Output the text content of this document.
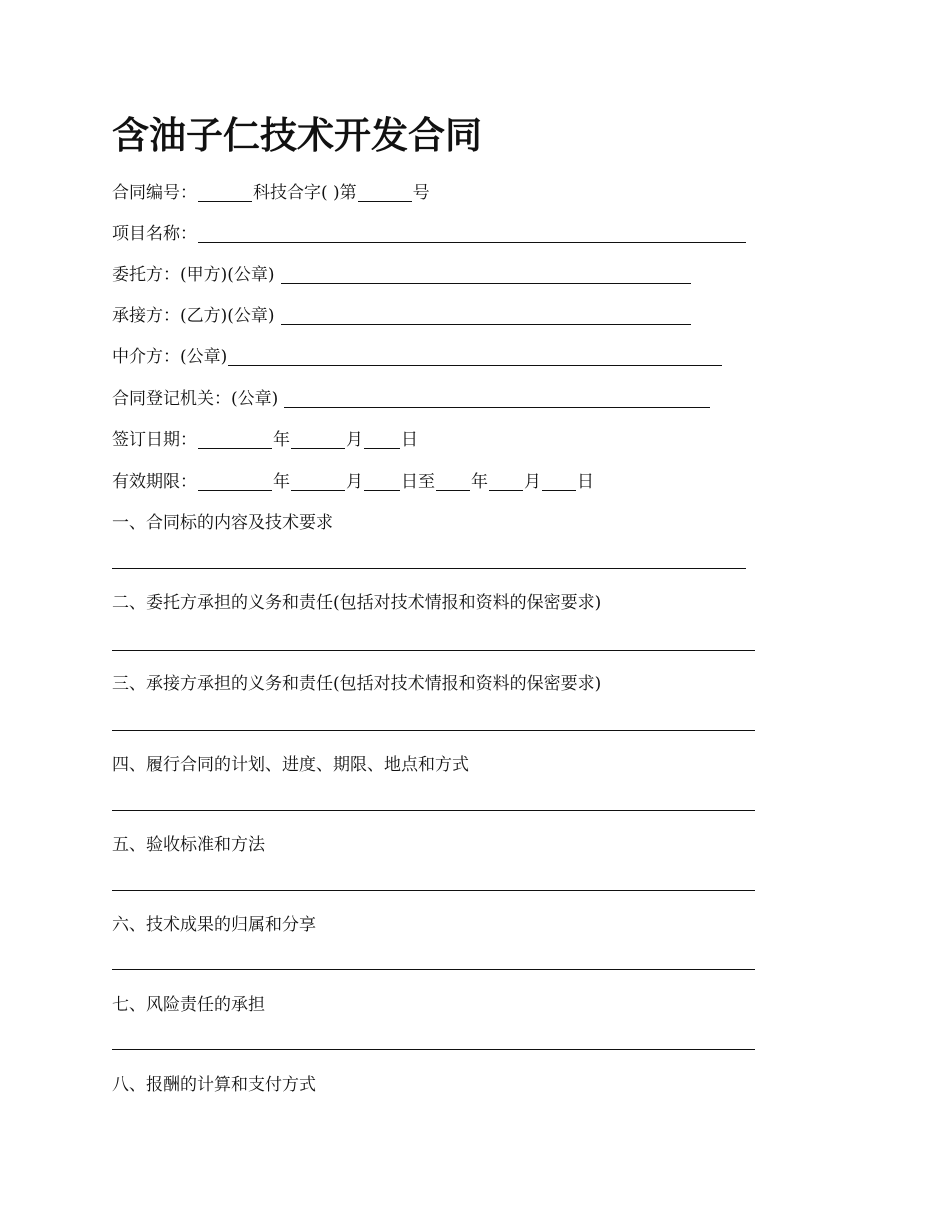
含油子仁技术开发合同
合同编号：	科技合字( )第	号
项目名称：
委托方：(甲方)(公章)
承接方：(乙方)(公章)
中介方：(公章)
合同登记机关：(公章)
签订日期：	年	月 日
有效期限：	年	月 日 至 年 月 日
一、合同标的内容及技术要求
二、委托方承担的义务和责任(包括对技术情报和资料的保密要求)
三、承接方承担的义务和责任(包括对技术情报和资料的保密要求)
四、履行合同的计划、进度、期限、地点和方式
五、验收标准和方法
六、技术成果的归属和分享
七、风险责任的承担
八、报酬的计算和支付方式
